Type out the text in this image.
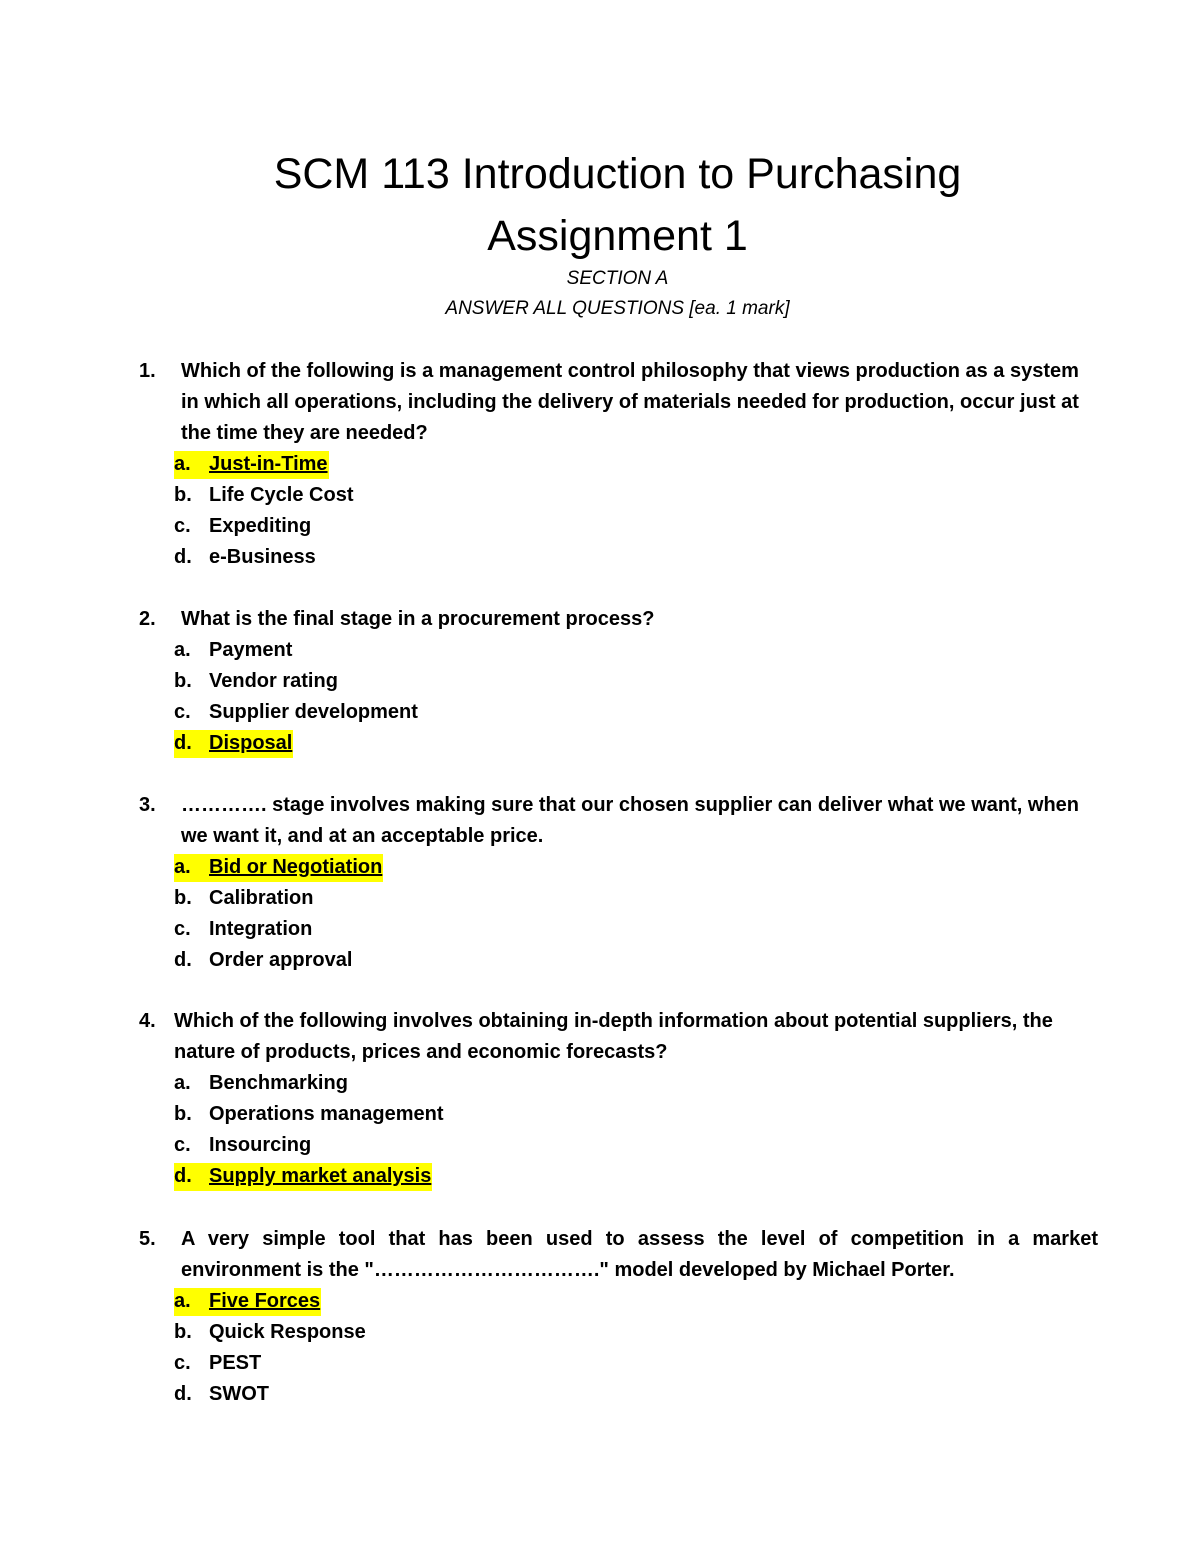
SCM 113 Introduction to Purchasing
Assignment 1

SECTION A

ANSWER ALL QUESTIONS [ea. 1 mark]

1. Which of the following is a management control philosophy that views production as a system in which all operations, including the delivery of materials needed for production, occur just at the time they are needed?
a. Just-in-Time
b. Life Cycle Cost
c. Expediting
d. e-Business
2. What is the final stage in a procurement process?
a. Payment
b. Vendor rating
c. Supplier development
d. Disposal
3. …………. stage involves making sure that our chosen supplier can deliver what we want, when we want it, and at an acceptable price.
a. Bid or Negotiation
b. Calibration
c. Integration
d. Order approval
4. Which of the following involves obtaining in-depth information about potential suppliers, the nature of products, prices and economic forecasts?
a. Benchmarking
b. Operations management
c. Insourcing
d. Supply market analysis
5. A very simple tool that has been used to assess the level of competition in a market environment is the "……………………………." model developed by Michael Porter.
a. Five Forces
b. Quick Response
c. PEST
d. SWOT
